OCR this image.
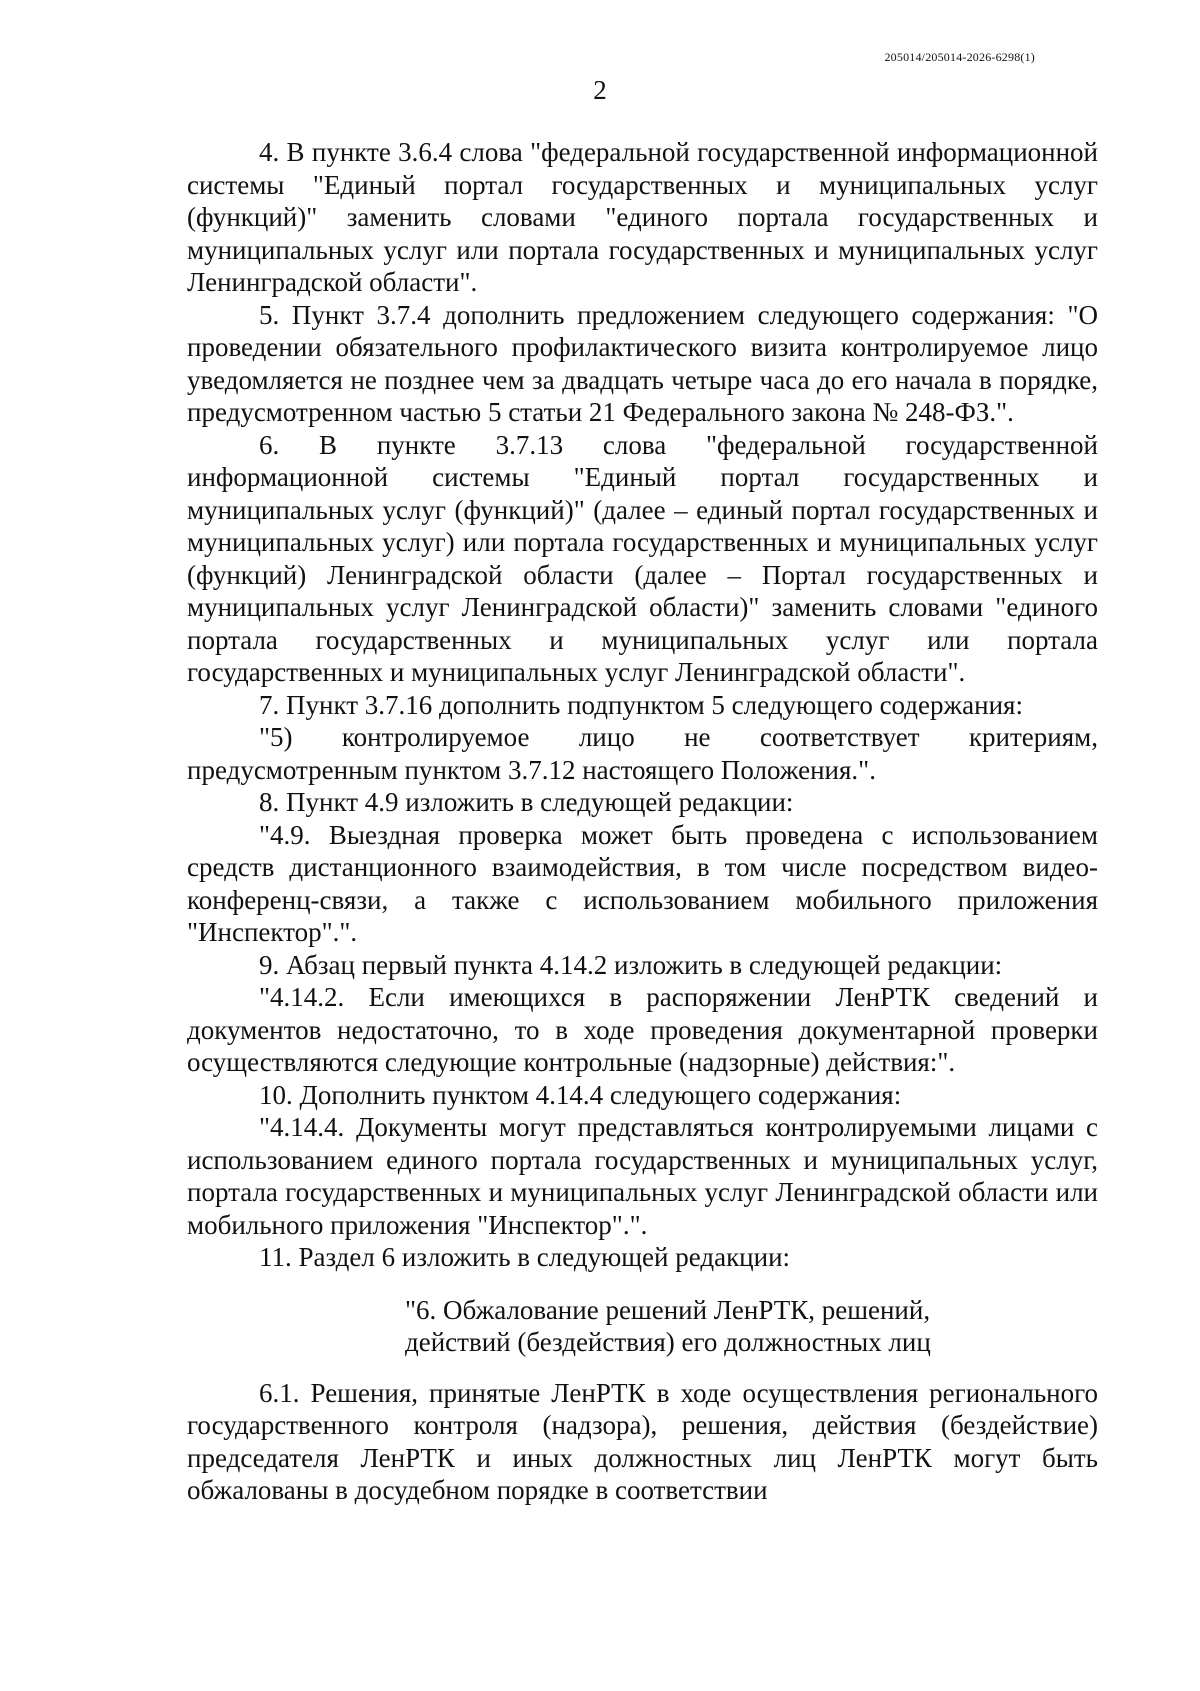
205014/205014-2026-6298(1)
2

4. В пункте 3.6.4 слова "федеральной государственной информационной системы "Единый портал государственных и муниципальных услуг (функций)" заменить словами "единого портала государственных и муниципальных услуг или портала государственных и муниципальных услуг Ленинградской области".

5. Пункт 3.7.4 дополнить предложением следующего содержания: "О проведении обязательного профилактического визита контролируемое лицо уведомляется не позднее чем за двадцать четыре часа до его начала в порядке, предусмотренном частью 5 статьи 21 Федерального закона № 248-ФЗ.".

6. В пункте 3.7.13 слова "федеральной государственной информационной системы "Единый портал государственных и муниципальных услуг (функций)" (далее – единый портал государственных и муниципальных услуг) или портала государственных и муниципальных услуг (функций) Ленинградской области (далее – Портал государственных и муниципальных услуг Ленинградской области)" заменить словами "единого портала государственных и муниципальных услуг или портала государственных и муниципальных услуг Ленинградской области".

7. Пункт 3.7.16 дополнить подпунктом 5 следующего содержания:

"5) контролируемое лицо не соответствует критериям, предусмотренным пунктом 3.7.12 настоящего Положения.".

8. Пункт 4.9 изложить в следующей редакции:

"4.9. Выездная проверка может быть проведена с использованием средств дистанционного взаимодействия, в том числе посредством видео-конференц-связи, а также с использованием мобильного приложения "Инспектор".".

9. Абзац первый пункта 4.14.2 изложить в следующей редакции:

"4.14.2. Если имеющихся в распоряжении ЛенРТК сведений и документов недостаточно, то в ходе проведения документарной проверки осуществляются следующие контрольные (надзорные) действия:".

10. Дополнить пунктом 4.14.4 следующего содержания:

"4.14.4. Документы могут представляться контролируемыми лицами с использованием единого портала государственных и муниципальных услуг, портала государственных и муниципальных услуг Ленинградской области или мобильного приложения "Инспектор".".

11. Раздел 6 изложить в следующей редакции:

"6. Обжалование решений ЛенРТК, решений,
действий (бездействия) его должностных лиц

6.1. Решения, принятые ЛенРТК в ходе осуществления регионального государственного контроля (надзора), решения, действия (бездействие) председателя ЛенРТК и иных должностных лиц ЛенРТК могут быть обжалованы в досудебном порядке в соответствии
